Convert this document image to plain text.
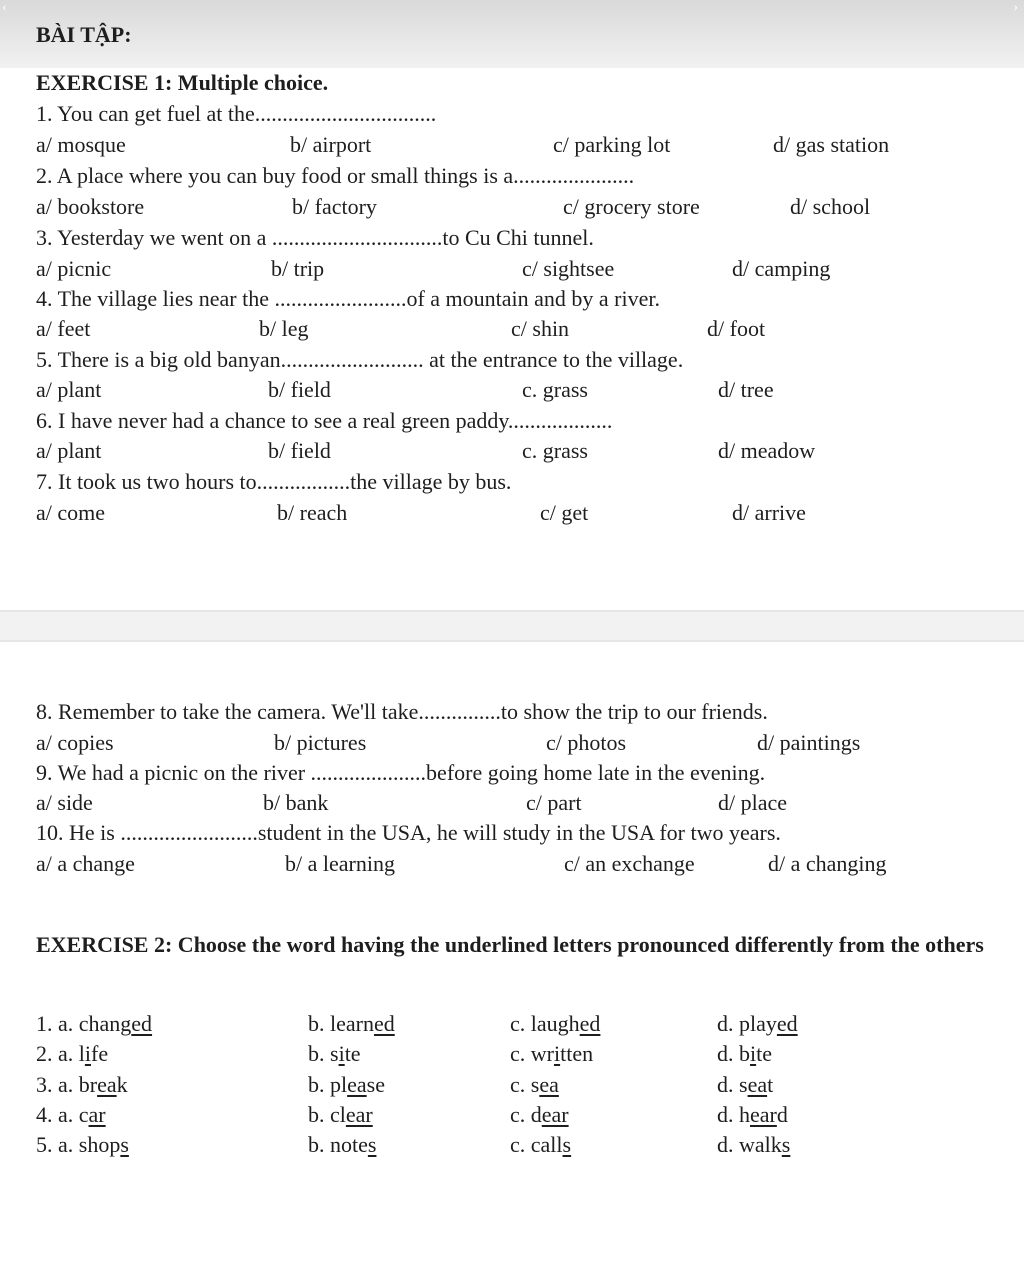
‹	›
BÀI TẬP:
EXERCISE 1: Multiple choice.
1. You can get fuel at the.................................
a/ mosque	b/ airport	c/ parking lot	d/ gas station
2. A place where you can buy food or small things is a......................
a/ bookstore	b/ factory	c/ grocery store	d/ school
3. Yesterday we went on a ...............................to Cu Chi tunnel.
a/ picnic	b/ trip	c/ sightsee	d/ camping
4. The village lies near the ........................of a mountain and by a river.
a/ feet	b/ leg	c/ shin	d/ foot
5. There is a big old banyan.......................... at the entrance to the village.
a/ plant	b/ field	c. grass	d/ tree
6. I have never had a chance to see a real green paddy...................
a/ plant	b/ field	c. grass	d/ meadow
7. It took us two hours to.................the village by bus.
a/ come	b/ reach	c/ get	d/ arrive
8. Remember to take the camera. We'll take...............to show the trip to our friends.
a/ copies	b/ pictures	c/ photos	d/ paintings
9. We had a picnic on the river .....................before going home late in the evening.
a/ side	b/ bank	c/ part	d/ place
10. He is .........................student in the USA, he will study in the USA for two years.
a/ a change	b/ a learning	c/ an exchange	d/ a changing
EXERCISE 2: Choose the word having the underlined letters pronounced differently from the others
1. a. changed	b. learned	c. laughed	d. played
2. a. life	b. site	c. written	d. bite
3. a. break	b. please	c. sea	d. seat
4. a. car	b. clear	c. dear	d. heard
5. a. shops	b. notes	c. calls	d. walks
